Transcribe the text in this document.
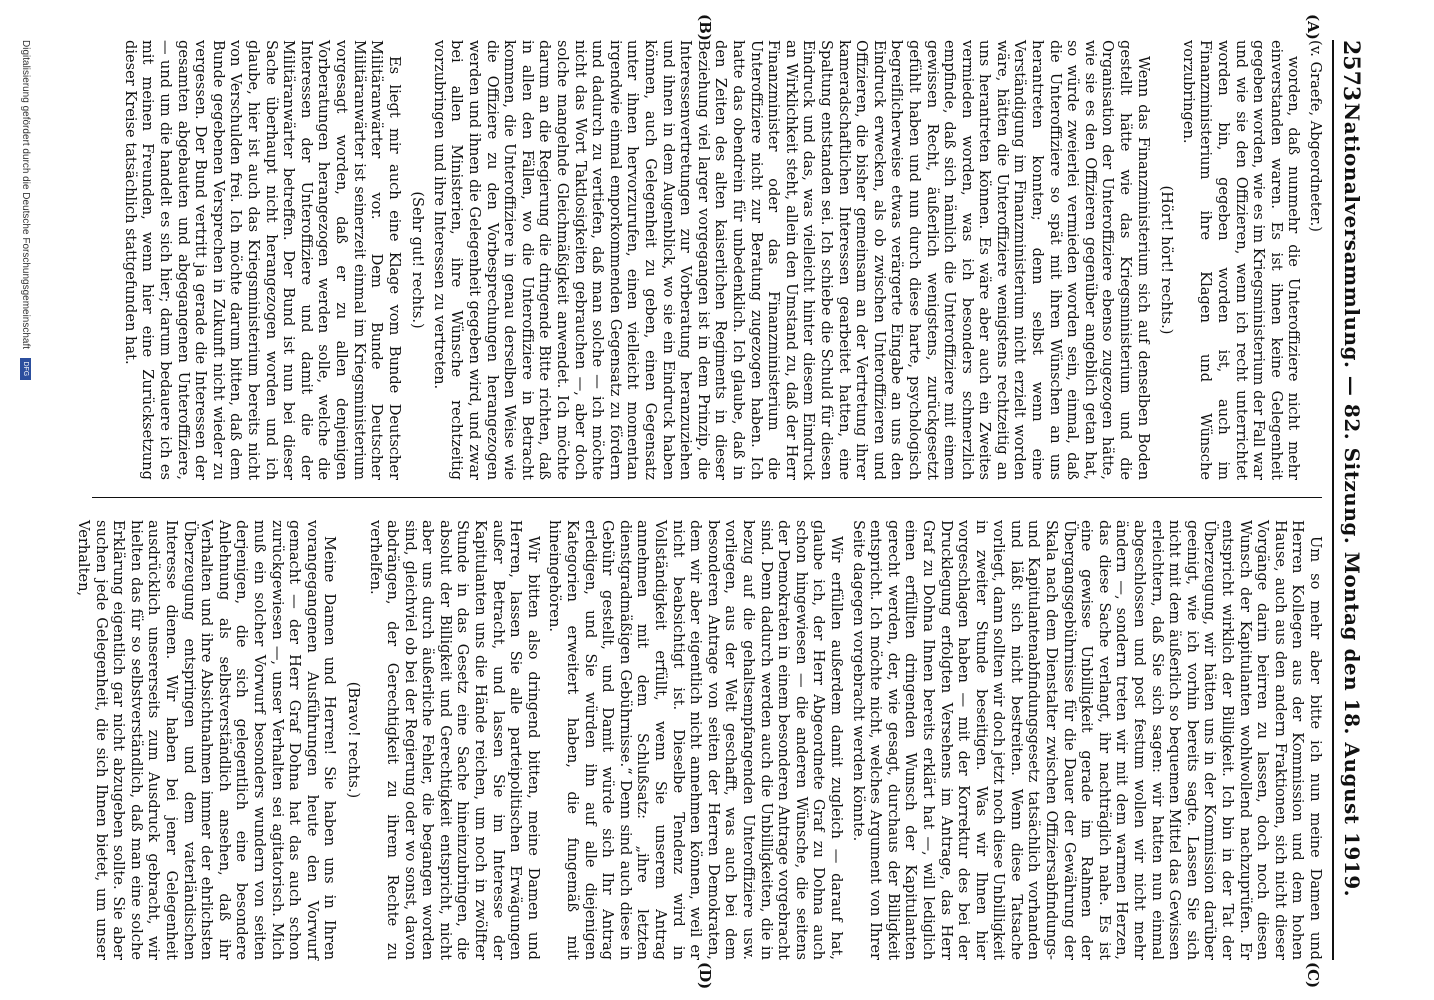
2573
Nationalversammlung. — 82. Sitzung. Montag den 18. August 1919.
(A)
(B)
(C)
(D)

(v. Graefe, Abgeordneter.)

worden, daß nunmehr die Unteroffiziere nicht mehr einverstanden waren. Es ist ihnen keine Gelegenheit gegeben worden, wie es im Kriegsministerium der Fall war und wie sie den Offizieren, wenn ich recht unterrichtet worden bin, gegeben worden ist, auch im Finanzministerium ihre Klagen und Wünsche vorzubringen.

(Hört! hört! rechts.)

Wenn das Finanzministerium sich auf denselben Boden gestellt hätte wie das Kriegsministerium und die Organisation der Unteroffiziere ebenso zugezogen hätte, wie sie es den Offizieren gegenüber angeblich getan hat, so würde zweierlei vermieden worden sein, einmal, daß die Unteroffiziere so spät mit ihren Wünschen an uns herantreten konnten; denn selbst wenn eine Verständigung im Finanzministerium nicht erzielt worden wäre, hätten die Unteroffiziere wenigstens rechtzeitig an uns herantreten können. Es wäre aber auch ein Zweites vermieden worden, was ich besonders schmerzlich empfinde, daß sich nämlich die Unteroffiziere mit einem gewissen Recht, äußerlich wenigstens, zurückgesetzt gefühlt haben und nun durch diese harte, psychologisch begreiflicherweise etwas verärgerte Eingabe an uns den Eindruck erwecken, als ob zwischen Unteroffizieren und Offizieren, die bisher gemeinsam an der Vertretung ihrer kameradschaftlichen Interessen gearbeitet hatten, eine Spaltung entstanden sei. Ich schiebe die Schuld für diesen Eindruck und das, was vielleicht hinter diesem Eindruck an Wirklichkeit steht, allein den Umstand zu, daß der Herr Finanzminister oder das Finanzministerium die Unteroffiziere nicht zur Beratung zugezogen haben. Ich hatte das obendrein für unbedenklich. Ich glaube, daß in den Zeiten des alten kaiserlichen Regiments in dieser Beziehung viel larger vorgegangen ist in dem Prinzip, die Interessenvertretungen zur Vorberatung heranzuziehen und ihnen in dem Augenblick, wo sie ein Eindruck haben können, auch Gelegenheit zu geben, einen Gegensatz unter ihnen hervorzurufen, einen vielleicht momentan irgendwie einmal emporkommenden Gegensatz zu fördern und dadurch zu vertiefen, daß man solche — ich möchte nicht das Wort Taktlosigkeiten gebrauchen —, aber doch solche mangelnde Gleichmäßigkeit anwendet. Ich möchte darum an die Regierung die dringende Bitte richten, daß in allen den Fällen, wo die Unteroffiziere in Betracht kommen, die Unteroffiziere in genau derselben Weise wie die Offiziere zu den Vorbesprechungen herangezogen werden und ihnen die Gelegenheit gegeben wird, und zwar bei allen Ministerien, ihre Wünsche rechtzeitig vorzubringen und ihre Interessen zu vertreten.

(Sehr gut! rechts.)

Es liegt mir auch eine Klage vom Bunde Deutscher Militäranwärter vor. Dem Bunde Deutscher Militäranwärter ist seinerzeit einmal im Kriegsministerium vorgesagt worden, daß er zu allen denjenigen Vorberatungen herangezogen werden solle, welche die Interessen der Unteroffiziere und damit die der Militäranwärter betreffen. Der Bund ist nun bei dieser Sache überhaupt nicht herangezogen worden und ich glaube, hier ist auch das Kriegsministerium bereits nicht von Verschulden frei. Ich möchte darum bitten, daß dem Bunde gegebenen Versprechen in Zukunft nicht wieder zu vergessen. Der Bund vertritt ja gerade die Interessen der gesamten abgebauten und abgegangenen Unteroffiziere, — und um die handelt es sich hier; darum bedauere ich es mit meinen Freunden, wenn hier eine Zurücksetzung dieser Kreise tatsächlich stattgefunden hat.

Um so mehr aber bitte ich nun meine Damen und Herren Kollegen aus der Kommission und dem hohen Hause, auch aus den andern Fraktionen, sich nicht dieser Vorgänge darin beirren zu lassen, doch noch diesen Wunsch der Kapitulanten wohlwollend nachzuprüfen. Er entspricht wirklich der Billigkeit. Ich bin in der Tat der Überzeugung, wir hätten uns in der Kommission darüber geeinigt, wie ich vorhin bereits sagte. Lassen Sie sich nicht mit dem äußerlich so bequemen Mittel das Gewissen erleichtern, daß Sie sich sagen: wir hatten nun einmal abgeschlossen und post festum wollen wir nicht mehr ändern —, sondern treten wir mit dem warmen Herzen, das diese Sache verlangt, ihr nachträglich nahe. Es ist eine gewisse Unbilligkeit gerade im Rahmen der Übergangsgebührnisse für die Dauer der Gewährung der Skala nach dem Dienstalter zwischen Offiziersabfindungs- und Kapitulantenabfindungsgesetz tatsächlich vorhanden und läßt sich nicht bestreiten. Wenn diese Tatsache vorliegt, dann sollten wir doch jetzt noch diese Unbilligkeit in zweiter Stunde beseitigen. Was wir Ihnen hier vorgeschlagen haben — mit der Korrektur des bei der Drucklegung erfolgten Versehens im Antrage, das Herr Graf zu Dohna Ihnen bereits erklärt hat —, will lediglich einen erfüllten dringenden Wunsch der Kapitulanten gerecht werden, der, wie gesagt, durchaus der Billigkeit entspricht. Ich möchte nicht, welches Argument von Ihrer Seite dagegen vorgebracht werden könnte.

Wir erfüllen außerdem damit zugleich — darauf hat, glaube ich, der Herr Abgeordnete Graf zu Dohna auch schon hingewiesen — die anderen Wünsche, die seitens der Demokraten in einem besonderen Antrage vorgebracht sind. Denn dadurch werden auch die Unbilligkeiten, die in bezug auf die gehaltsempfangenden Unteroffiziere usw. vorliegen, aus der Welt geschafft, was auch bei dem besonderen Antrage von seiten der Herren Demokraten, dem wir aber eigentlich nicht annehmen können, weil er nicht beabsichtigt ist. Dieselbe Tendenz wird in Vollständigkeit erfüllt, wenn Sie unserem Antrag annehmen mit dem Schlußsatz: „ihre letzten dienstgradmäßigen Gebührnisse.“ Denn sind auch diese in Gebühr gestellt, und Damit würde sich Ihr Antrag erledigen, und Sie würden ihn auf alle diejenigen Kategorien erweitert haben, die fungemäß mit hineingehören.

Wir bitten also dringend bitten, meine Damen und Herren, lassen Sie alle parteipolitischen Erwägungen außer Betracht, und lassen Sie im Interesse der Kapitulanten uns die Hände reichen, um noch in zwölfter Stunde in das Gesetz eine Sache hineinzubringen, die absolut der Billigkeit und Gerechtigkeit entspricht, nicht aber uns durch äußerliche Fehler, die begangen worden sind, gleichviel ob bei der Regierung oder wo sonst, davon abdrängen, der Gerechtigkeit zu ihrem Rechte zu verhelfen.

(Bravo! rechts.)

Meine Damen und Herren! Sie haben uns in Ihren vorangegangenen Ausführungen heute den Vorwurf gemacht — der Herr Graf Dohna hat das auch schon zurückgewiesen —, unser Verhalten sei agitatorisch. Mich muß ein solcher Vorwurf besonders wundern von seiten derjenigen, die sich gelegentlich eine besondere Anlehnung als selbstverständlich ansehen, daß ihr Verhalten und ihre Absichtnahmen immer der ehrlichsten Überzeugung entspringen und dem vaterländischen Interesse dienen. Wir haben bei jener Gelegenheit ausdrücklich unsererseits zum Ausdruck gebracht, wir hielten das für so selbstverständlich, daß man eine solche Erklärung eigentlich gar nicht abzugeben sollte. Sie aber suchen jede Gelegenheit, die sich Ihnen bietet, um unser Verhalten,

Digitalisierung gefördert durch die Deutsche Forschungsgemeinschaft DFG
